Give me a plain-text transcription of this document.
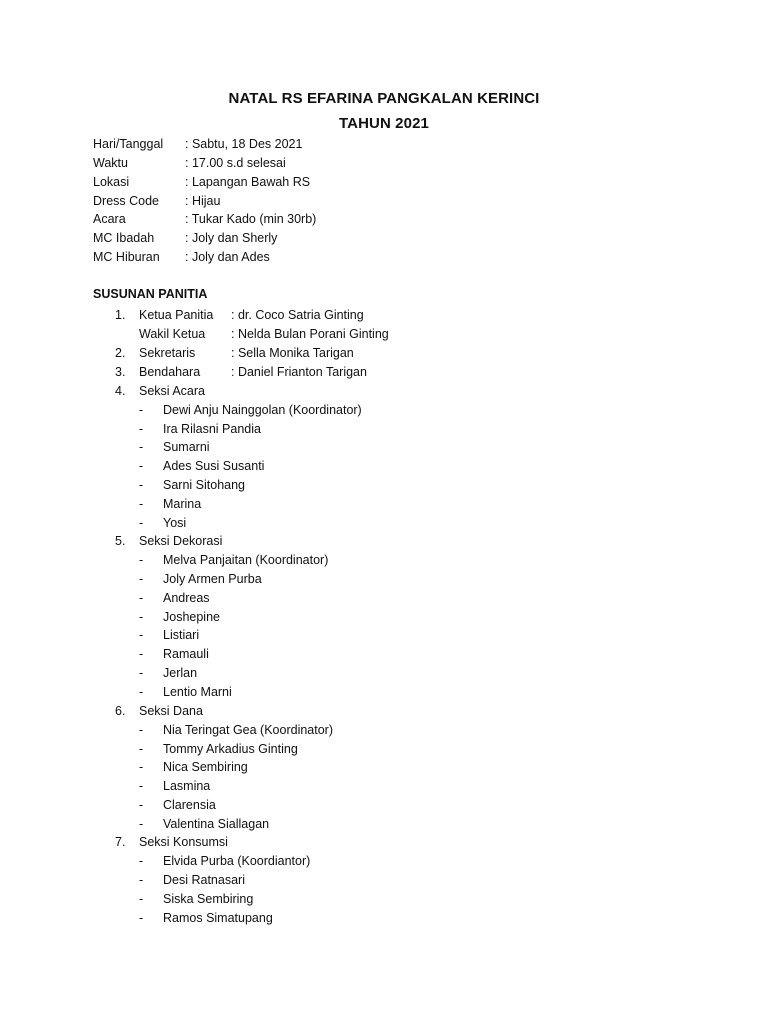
NATAL RS EFARINA PANGKALAN KERINCI
TAHUN 2021
Hari/Tanggal : Sabtu, 18 Des 2021
Waktu	: 17.00 s.d selesai
Lokasi	: Lapangan Bawah RS
Dress Code : Hijau
Acara	: Tukar Kado (min 30rb)
MC Ibadah : Joly dan Sherly
MC Hiburan : Joly dan Ades
SUSUNAN PANITIA
1. Ketua Panitia : dr. Coco Satria Ginting
Wakil Ketua : Nelda Bulan Porani Ginting
2. Sekretaris	: Sella Monika Tarigan
3. Bendahara : Daniel Frianton Tarigan
4. Seksi Acara
- Dewi Anju Nainggolan (Koordinator)
- Ira Rilasni Pandia
- Sumarni
- Ades Susi Susanti
- Sarni Sitohang
- Marina
- Yosi
5. Seksi Dekorasi
- Melva Panjaitan (Koordinator)
- Joly Armen Purba
- Andreas
- Joshepine
- Listiari
- Ramauli
- Jerlan
- Lentio Marni
6. Seksi Dana
- Nia Teringat Gea (Koordinator)
- Tommy Arkadius Ginting
- Nica Sembiring
- Lasmina
- Clarensia
- Valentina Siallagan
7. Seksi Konsumsi
- Elvida Purba (Koordiantor)
- Desi Ratnasari
- Siska Sembiring
- Ramos Simatupang
